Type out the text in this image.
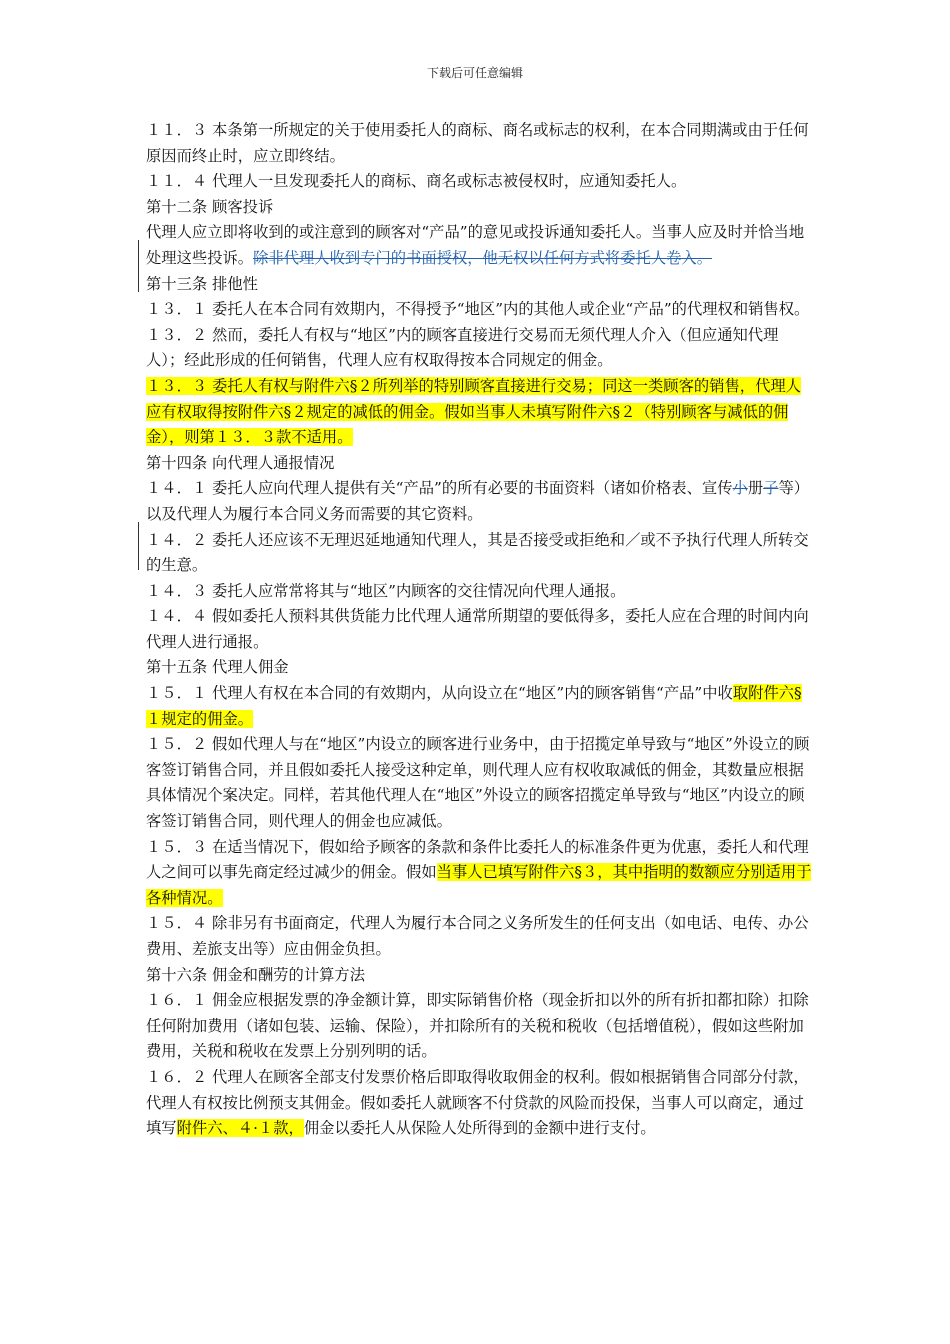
下载后可任意编辑

１１．３ 本条第一所规定的关于使用委托人的商标、商名或标志的权利，在本合同期满或由于任何原因而终止时，应立即终结。

１１．４ 代理人一旦发现委托人的商标、商名或标志被侵权时，应通知委托人。

第十二条 顾客投诉

代理人应立即将收到的或注意到的顾客对“产品”的意见或投诉通知委托人。当事人应及时并恰当地处理这些投诉。除非代理人收到专门的书面授权，他无权以任何方式将委托人卷入。

第十三条 排他性

１３．１ 委托人在本合同有效期内，不得授予“地区”内的其他人或企业“产品”的代理权和销售权。

１３．２ 然而，委托人有权与“地区”内的顾客直接进行交易而无须代理人介入（但应通知代理人）；经此形成的任何销售，代理人应有权取得按本合同规定的佣金。

１３．３ 委托人有权与附件六§２所列举的特别顾客直接进行交易；同这一类顾客的销售，代理人应有权取得按附件六§２规定的减低的佣金。假如当事人未填写附件六§２（特别顾客与减低的佣金），则第１３．３款不适用。

第十四条 向代理人通报情况

１４．１ 委托人应向代理人提供有关“产品”的所有必要的书面资料（诸如价格表、宣传小册子等）以及代理人为履行本合同义务而需要的其它资料。

１４．２ 委托人还应该不无理迟延地通知代理人，其是否接受或拒绝和／或不予执行代理人所转交的生意。

１４．３ 委托人应常常将其与“地区”内顾客的交往情况向代理人通报。

１４．４ 假如委托人预料其供货能力比代理人通常所期望的要低得多，委托人应在合理的时间内向代理人进行通报。

第十五条 代理人佣金

１５．１ 代理人有权在本合同的有效期内，从向设立在“地区”内的顾客销售“产品”中收取附件六§１规定的佣金。

１５．２ 假如代理人与在“地区”内设立的顾客进行业务中，由于招揽定单导致与“地区”外设立的顾客签订销售合同，并且假如委托人接受这种定单，则代理人应有权收取减低的佣金，其数量应根据具体情况个案决定。同样，若其他代理人在“地区”外设立的顾客招揽定单导致与“地区”内设立的顾客签订销售合同，则代理人的佣金也应减低。

１５．３ 在适当情况下，假如给予顾客的条款和条件比委托人的标准条件更为优惠，委托人和代理人之间可以事先商定经过减少的佣金。假如当事人已填写附件六§３，其中指明的数额应分别适用于各种情况。

１５．４ 除非另有书面商定，代理人为履行本合同之义务所发生的任何支出（如电话、电传、办公费用、差旅支出等）应由佣金负担。

第十六条 佣金和酬劳的计算方法

１６．１ 佣金应根据发票的净金额计算，即实际销售价格（现金折扣以外的所有折扣都扣除）扣除任何附加费用（诸如包装、运输、保险），并扣除所有的关税和税收（包括增值税），假如这些附加费用，关税和税收在发票上分别列明的话。

１６．２ 代理人在顾客全部支付发票价格后即取得收取佣金的权利。假如根据销售合同部分付款，代理人有权按比例预支其佣金。假如委托人就顾客不付贷款的风险而投保，当事人可以商定，通过填写附件六、４·１款，佣金以委托人从保险人处所得到的金额中进行支付。
